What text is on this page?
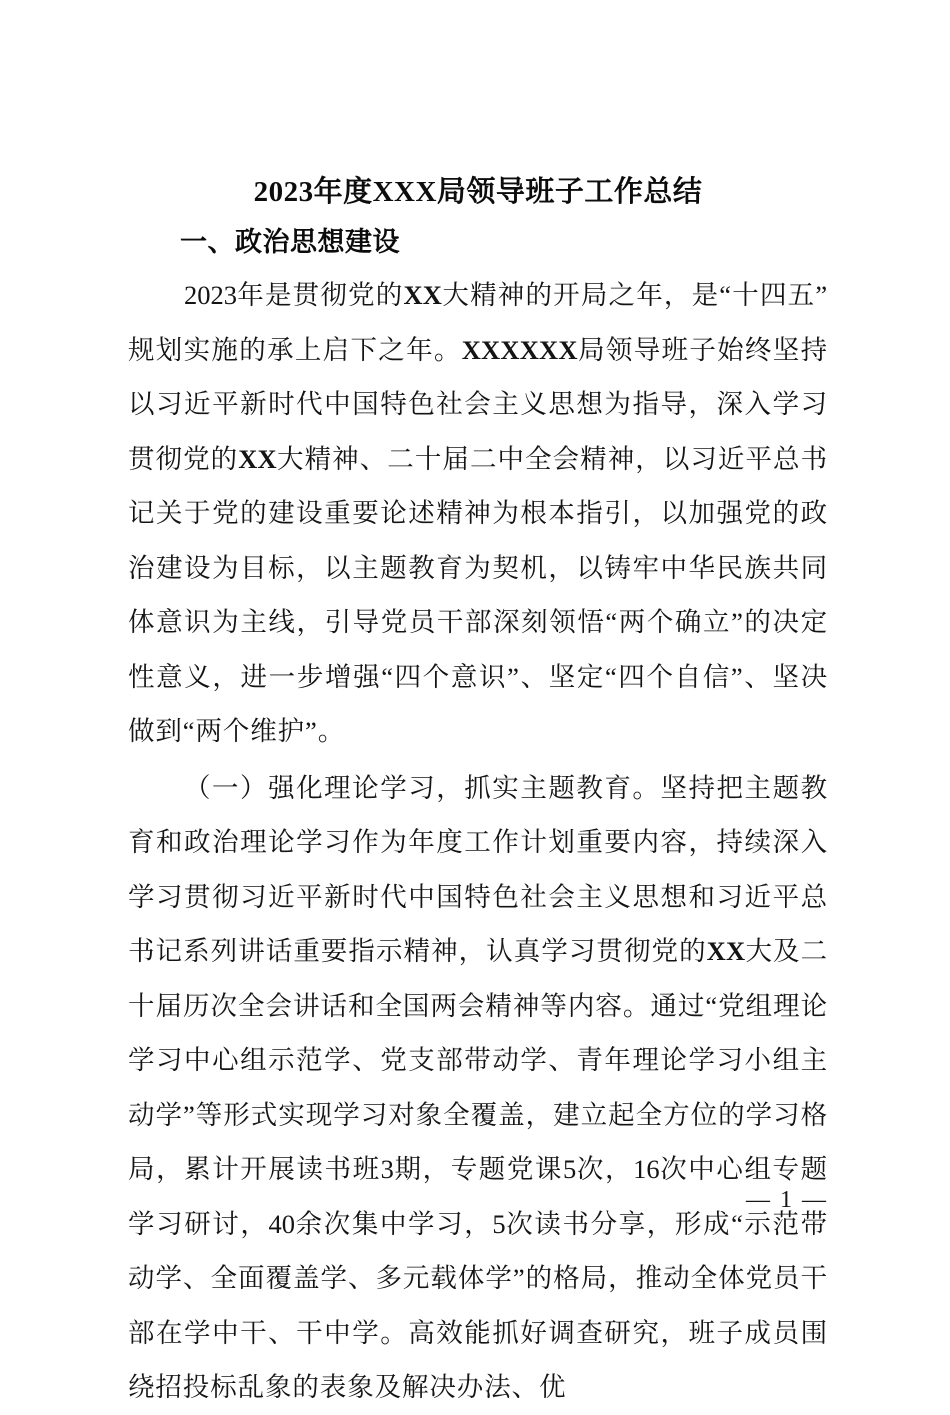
2023年度XXX局领导班子工作总结
一、政治思想建设

2023年是贯彻党的XX大精神的开局之年，是“十四五”规划实施的承上启下之年。XXXXXX局领导班子始终坚持以习近平新时代中国特色社会主义思想为指导，深入学习贯彻党的XX大精神、二十届二中全会精神，以习近平总书记关于党的建设重要论述精神为根本指引，以加强党的政治建设为目标，以主题教育为契机，以铸牢中华民族共同体意识为主线，引导党员干部深刻领悟“两个确立”的决定性意义，进一步增强“四个意识”、坚定“四个自信”、坚决做到“两个维护”。

（一）强化理论学习，抓实主题教育。坚持把主题教育和政治理论学习作为年度工作计划重要内容，持续深入学习贯彻习近平新时代中国特色社会主义思想和习近平总书记系列讲话重要指示精神，认真学习贯彻党的XX大及二十届历次全会讲话和全国两会精神等内容。通过“党组理论学习中心组示范学、党支部带动学、青年理论学习小组主动学”等形式实现学习对象全覆盖，建立起全方位的学习格局，累计开展读书班3期，专题党课5次，16次中心组专题学习研讨，40余次集中学习，5次读书分享，形成“示范带动学、全面覆盖学、多元载体学”的格局，推动全体党员干部在学中干、干中学。高效能抓好调查研究，班子成员围绕招投标乱象的表象及解决办法、优

— 1 —
